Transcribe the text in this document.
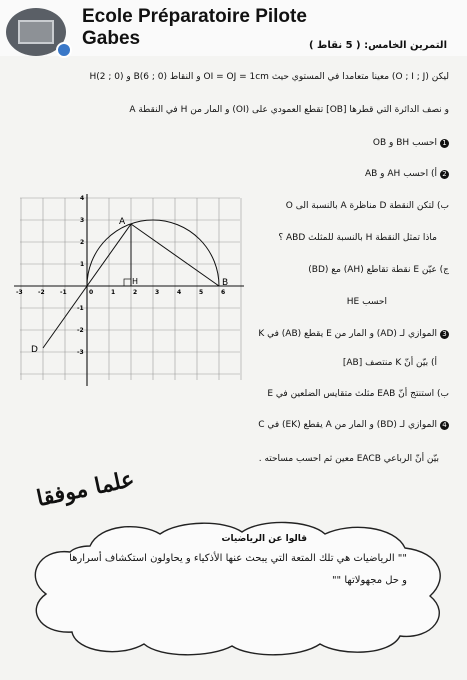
Ecole Préparatoire Pilote
Gabes	التمرين الخامس: ( 5 نقاط )
ليكن (O ; I ; J) معينا متعامدا في المستوي حيث OI = OJ = 1cm و النقاط B(6 ; 0) و H(2 ; 0)
و نصف الدائرة التي قطرها [OB] تقطع العمودي على (OI) و المار من H في النقطة A
1احسب BH و OB
2أ) احسب AH و AB
ب) لتكن النقطة D مناظرة A بالنسبة الى O
ماذا تمثل النقطة H بالنسبة للمثلث ABD ؟
ج) عيّن E نقطة تقاطع (AH) مع (BD)
احسب HE
3الموازي لـ (AD) و المار من E يقطع (AB) في K
أ) بيّن أنّ K منتصف [AB]
ب) استنتج أنّ EAB مثلث متقايس الضلعين في E
4الموازي لـ (BD) و المار من A يقطع (EK) في C
بيّن أنّ الرباعي EACB معين ثم احسب مساحته .
-3	-2	-1	0	1	2	3	4	5	6
4
3
2
1
-1
-2
-3
A
B
H
D
علما موفقا
قالوا عن الرياضيات
"" الرياضيات هي تلك المتعة التي يبحث عنها الأذكياء و يحاولون استكشاف أسرارها
و حل مجهولاتها ""
